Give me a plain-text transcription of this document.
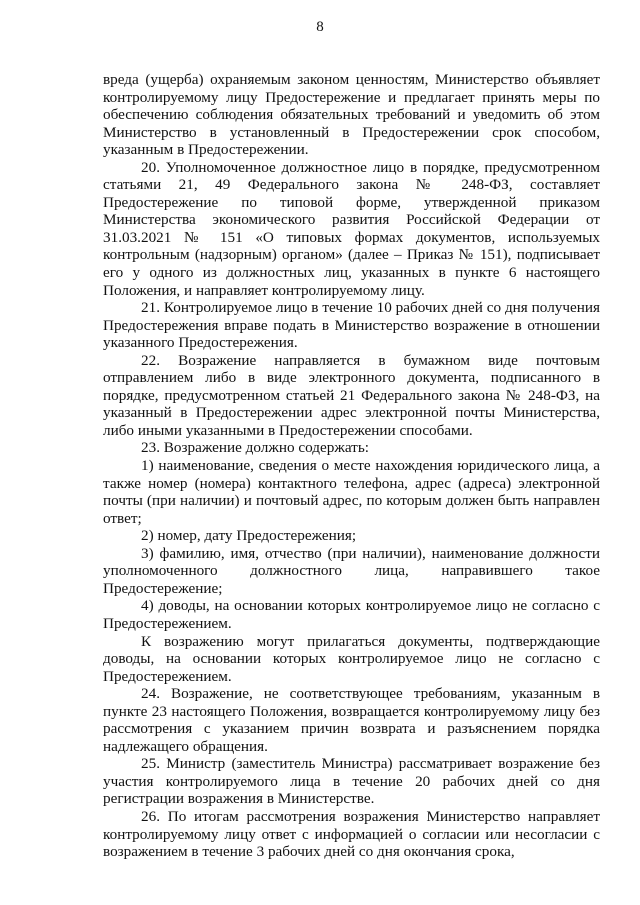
8

вреда (ущерба) охраняемым законом ценностям, Министерство объявляет контролируемому лицу Предостережение и предлагает принять меры по обеспечению соблюдения обязательных требований и уведомить об этом Министерство в установленный в Предостережении срок способом, указанным в Предостережении.

20. Уполномоченное должностное лицо в порядке, предусмотренном статьями 21, 49 Федерального закона № 248-ФЗ, составляет Предостережение по типовой форме, утвержденной приказом Министерства экономического развития Российской Федерации от 31.03.2021 № 151 «О типовых формах документов, используемых контрольным (надзорным) органом» (далее – Приказ № 151), подписывает его у одного из должностных лиц, указанных в пункте 6 настоящего Положения, и направляет контролируемому лицу.

21. Контролируемое лицо в течение 10 рабочих дней со дня получения Предостережения вправе подать в Министерство возражение в отношении указанного Предостережения.

22. Возражение направляется в бумажном виде почтовым отправлением либо в виде электронного документа, подписанного в порядке, предусмотренном статьей 21 Федерального закона № 248-ФЗ, на указанный в Предостережении адрес электронной почты Министерства, либо иными указанными в Предостережении способами.

23. Возражение должно содержать:

1) наименование, сведения о месте нахождения юридического лица, а также номер (номера) контактного телефона, адрес (адреса) электронной почты (при наличии) и почтовый адрес, по которым должен быть направлен ответ;

2) номер, дату Предостережения;

3) фамилию, имя, отчество (при наличии), наименование должности уполномоченного должностного лица, направившего такое Предостережение;

4) доводы, на основании которых контролируемое лицо не согласно с Предостережением.

К возражению могут прилагаться документы, подтверждающие доводы, на основании которых контролируемое лицо не согласно с Предостережением.

24. Возражение, не соответствующее требованиям, указанным в пункте 23 настоящего Положения, возвращается контролируемому лицу без рассмотрения с указанием причин возврата и разъяснением порядка надлежащего обращения.

25. Министр (заместитель Министра) рассматривает возражение без участия контролируемого лица в течение 20 рабочих дней со дня регистрации возражения в Министерстве.

26. По итогам рассмотрения возражения Министерство направляет контролируемому лицу ответ с информацией о согласии или несогласии с возражением в течение 3 рабочих дней со дня окончания срока,
